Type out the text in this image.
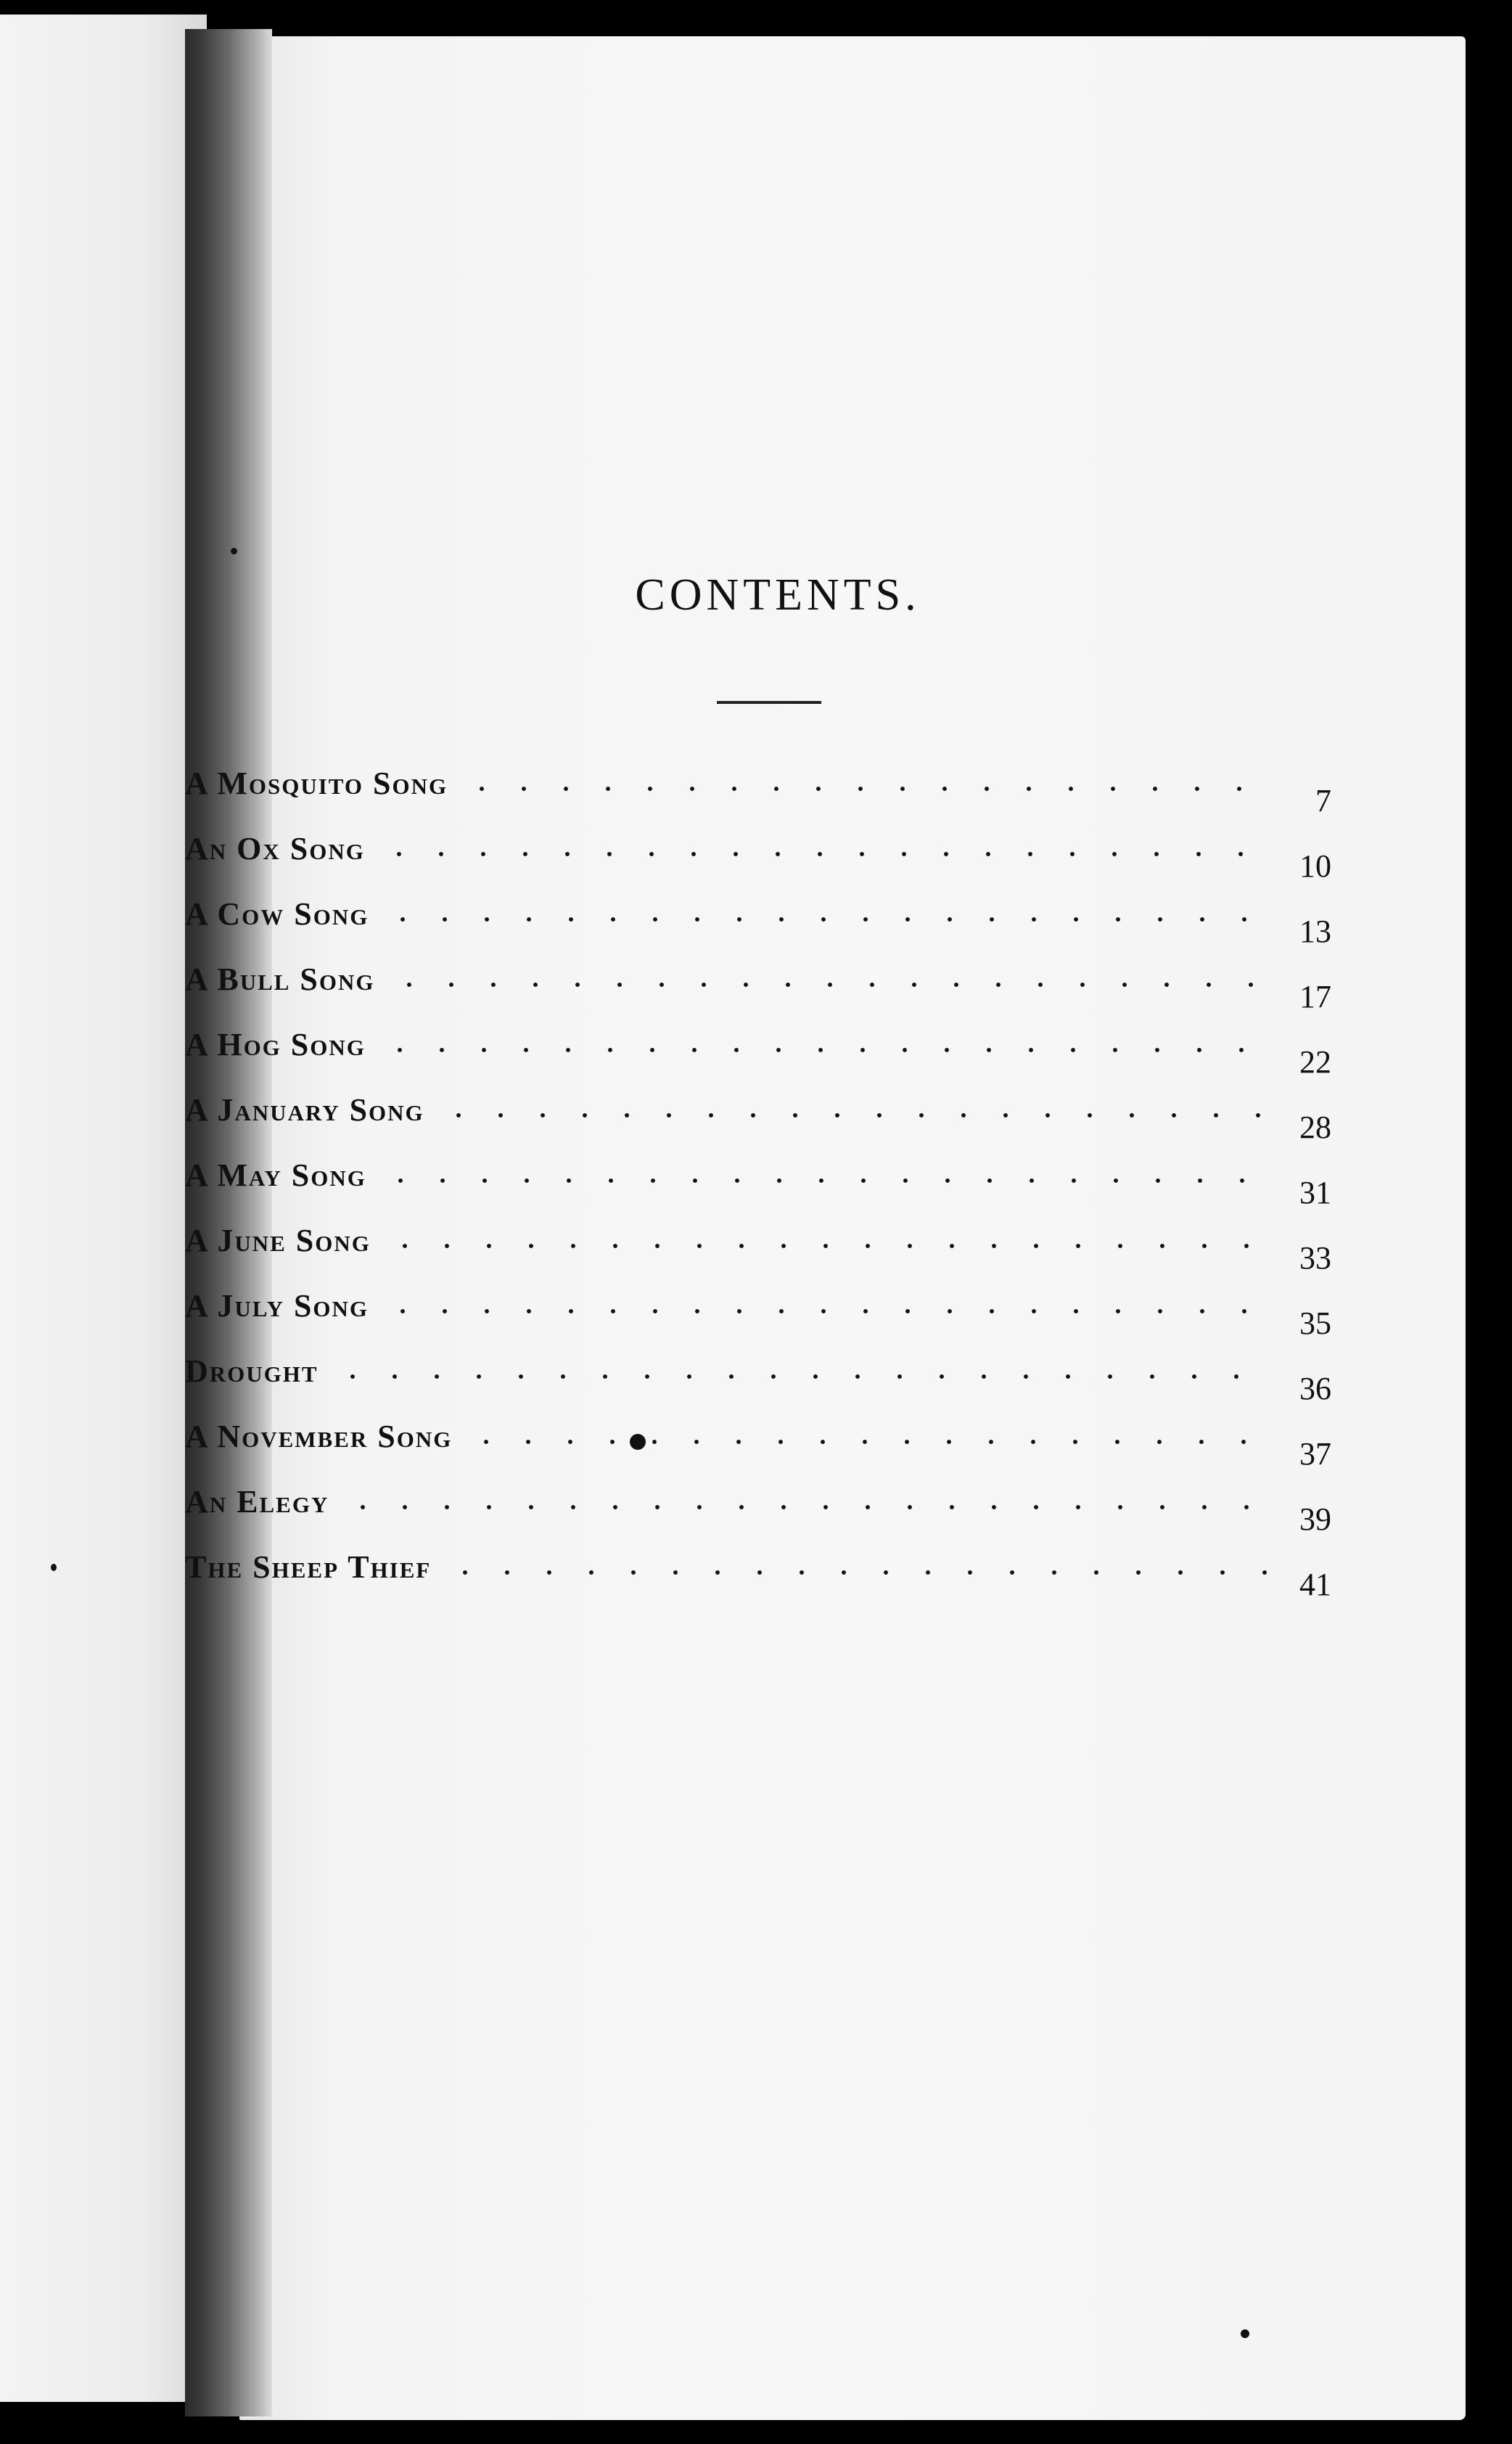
CONTENTS.
A Mosquito Song	7
An Ox Song	10
A Cow Song	13
A Bull Song	17
A Hog Song	22
A January Song	28
A May Song	31
A June Song	33
A July Song	35
Drought	36
A November Song	37
An Elegy	39
The Sheep Thief	41
